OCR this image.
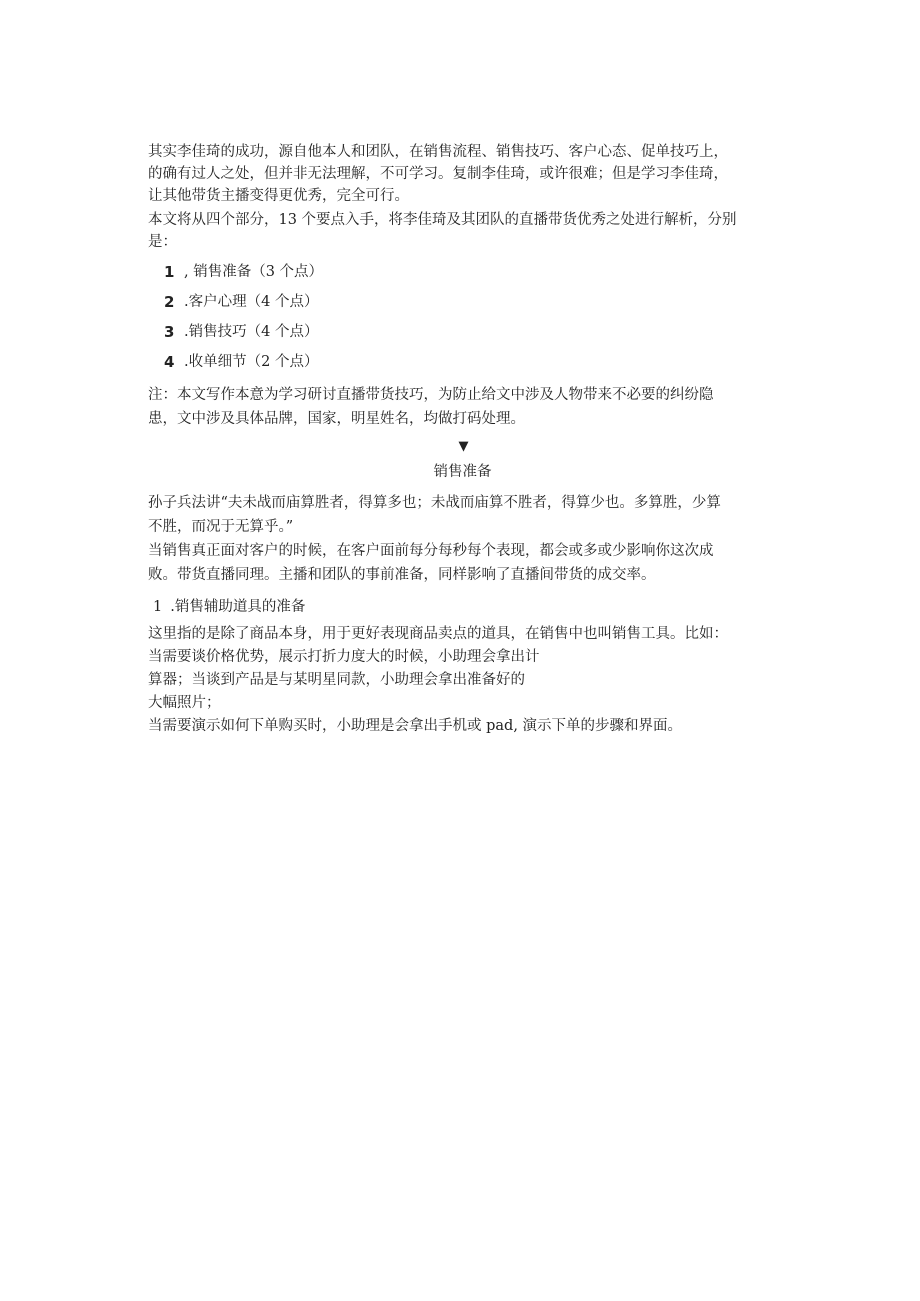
其实李佳琦的成功，源自他本人和团队，在销售流程、销售技巧、客户心态、促单技巧上，

的确有过人之处，但并非无法理解，不可学习。复制李佳琦，或许很难；但是学习李佳琦，

让其他带货主播变得更优秀，完全可行。

本文将从四个部分，13 个要点入手，将李佳琦及其团队的直播带货优秀之处进行解析，分别

是：

1 , 销售准备（3 个点）
2 .客户心理（4 个点）
3 .销售技巧（4 个点）
4 .收单细节（2 个点）

注：本文写作本意为学习研讨直播带货技巧，为防止给文中涉及人物带来不必要的纠纷隐

患，文中涉及具体品牌，国家，明星姓名，均做打码处理。

▼
销售准备

孙子兵法讲“夫未战而庙算胜者，得算多也；未战而庙算不胜者，得算少也。多算胜，少算

不胜，而况于无算乎。”

当销售真正面对客户的时候，在客户面前每分每秒每个表现，都会或多或少影响你这次成

败。带货直播同理。主播和团队的事前准备，同样影响了直播间带货的成交率。

1 .销售辅助道具的准备

这里指的是除了商品本身，用于更好表现商品卖点的道具，在销售中也叫销售工具。比如：

当需要谈价格优势，展示打折力度大的时候，小助理会拿出计

算器；当谈到产品是与某明星同款，小助理会拿出准备好的

大幅照片；

当需要演示如何下单购买时，小助理是会拿出手机或 pad, 演示下单的步骤和界面。
